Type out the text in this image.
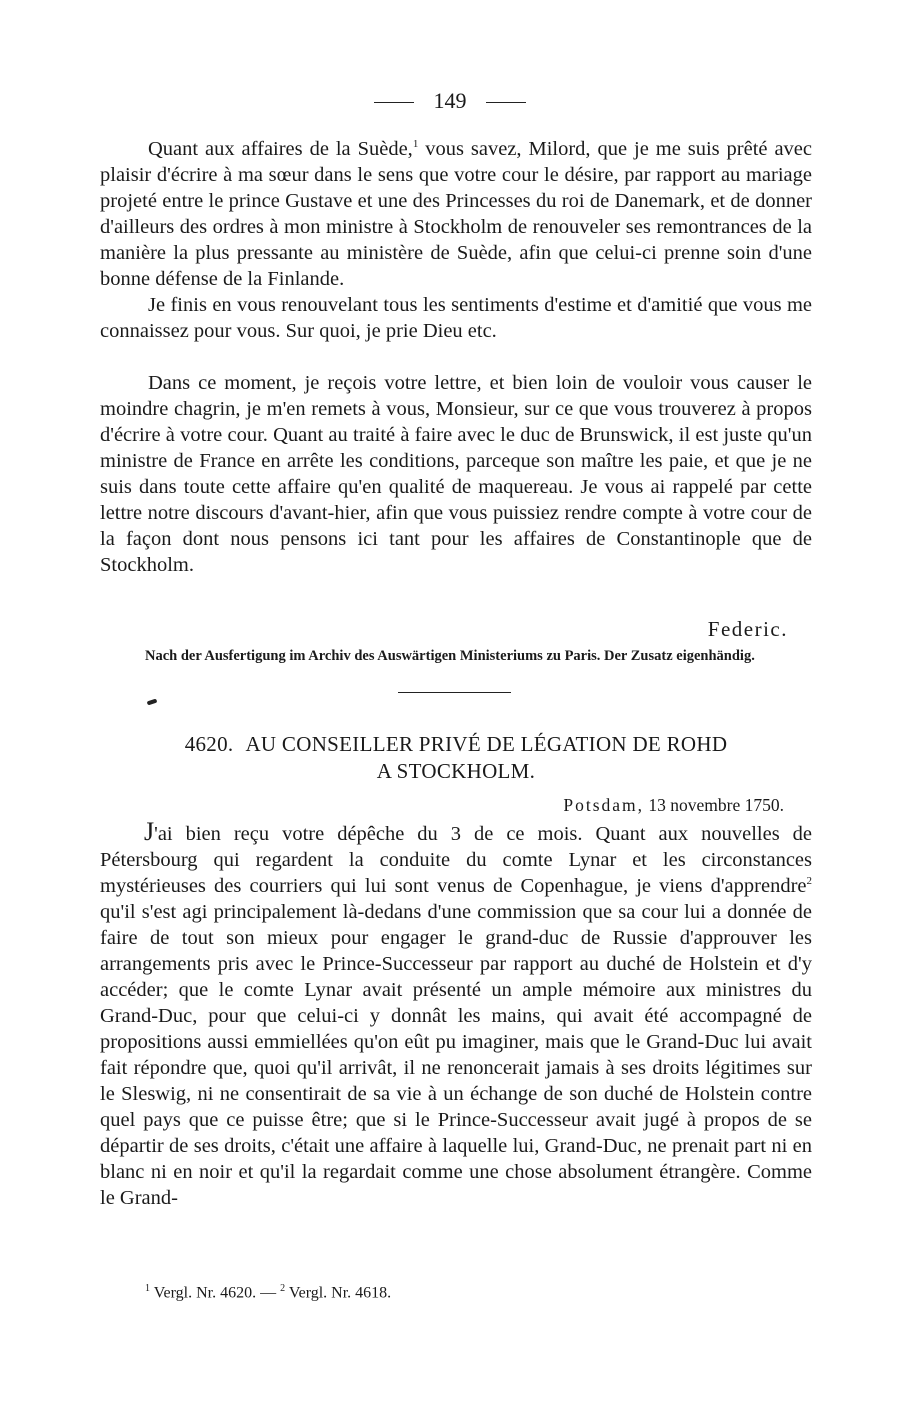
149

Quant aux affaires de la Suède,$^1$ vous savez, Milord, que je me suis prêté avec plaisir d'écrire à ma sœur dans le sens que votre cour le désire, par rapport au mariage projeté entre le prince Gustave et une des Princesses du roi de Danemark, et de donner d'ailleurs des ordres à mon ministre à Stockholm de renouveler ses remontrances de la manière la plus pressante au ministère de Suède, afin que celui-ci prenne soin d'une bonne défense de la Finlande.

Je finis en vous renouvelant tous les sentiments d'estime et d'amitié que vous me connaissez pour vous. Sur quoi, je prie Dieu etc.

Dans ce moment, je reçois votre lettre, et bien loin de vouloir vous causer le moindre chagrin, je m'en remets à vous, Monsieur, sur ce que vous trouverez à propos d'écrire à votre cour. Quant au traité à faire avec le duc de Brunswick, il est juste qu'un ministre de France en arrête les conditions, parceque son maître les paie, et que je ne suis dans toute cette affaire qu'en qualité de maquereau. Je vous ai rappelé par cette lettre notre discours d'avant-hier, afin que vous puissiez rendre compte à votre cour de la façon dont nous pensons ici tant pour les affaires de Constantinople que de Stockholm.

Federic.
Nach der Ausfertigung im Archiv des Auswärtigen Ministeriums zu Paris. Der Zusatz eigenhändig.
4620. AU CONSEILLER PRIVÉ DE LÉGATION DE ROHD
A STOCKHOLM.
Potsdam, 13 novembre 1750.

J'ai bien reçu votre dépêche du 3 de ce mois. Quant aux nouvelles de Pétersbourg qui regardent la conduite du comte Lynar et les circonstances mystérieuses des courriers qui lui sont venus de Copenhague, je viens d'apprendre$^2$ qu'il s'est agi principalement là-dedans d'une commission que sa cour lui a donnée de faire de tout son mieux pour engager le grand-duc de Russie d'approuver les arrangements pris avec le Prince-Successeur par rapport au duché de Holstein et d'y accéder; que le comte Lynar avait présenté un ample mémoire aux ministres du Grand-Duc, pour que celui-ci y donnât les mains, qui avait été accompagné de propositions aussi emmiellées qu'on eût pu imaginer, mais que le Grand-Duc lui avait fait répondre que, quoi qu'il arrivât, il ne renoncerait jamais à ses droits légitimes sur le Sleswig, ni ne consentirait de sa vie à un échange de son duché de Holstein contre quel pays que ce puisse être; que si le Prince-Successeur avait jugé à propos de se départir de ses droits, c'était une affaire à laquelle lui, Grand-Duc, ne prenait part ni en blanc ni en noir et qu'il la regardait comme une chose absolument étrangère. Comme le Grand-

$^1$ Vergl. Nr. 4620. — $^2$ Vergl. Nr. 4618.
